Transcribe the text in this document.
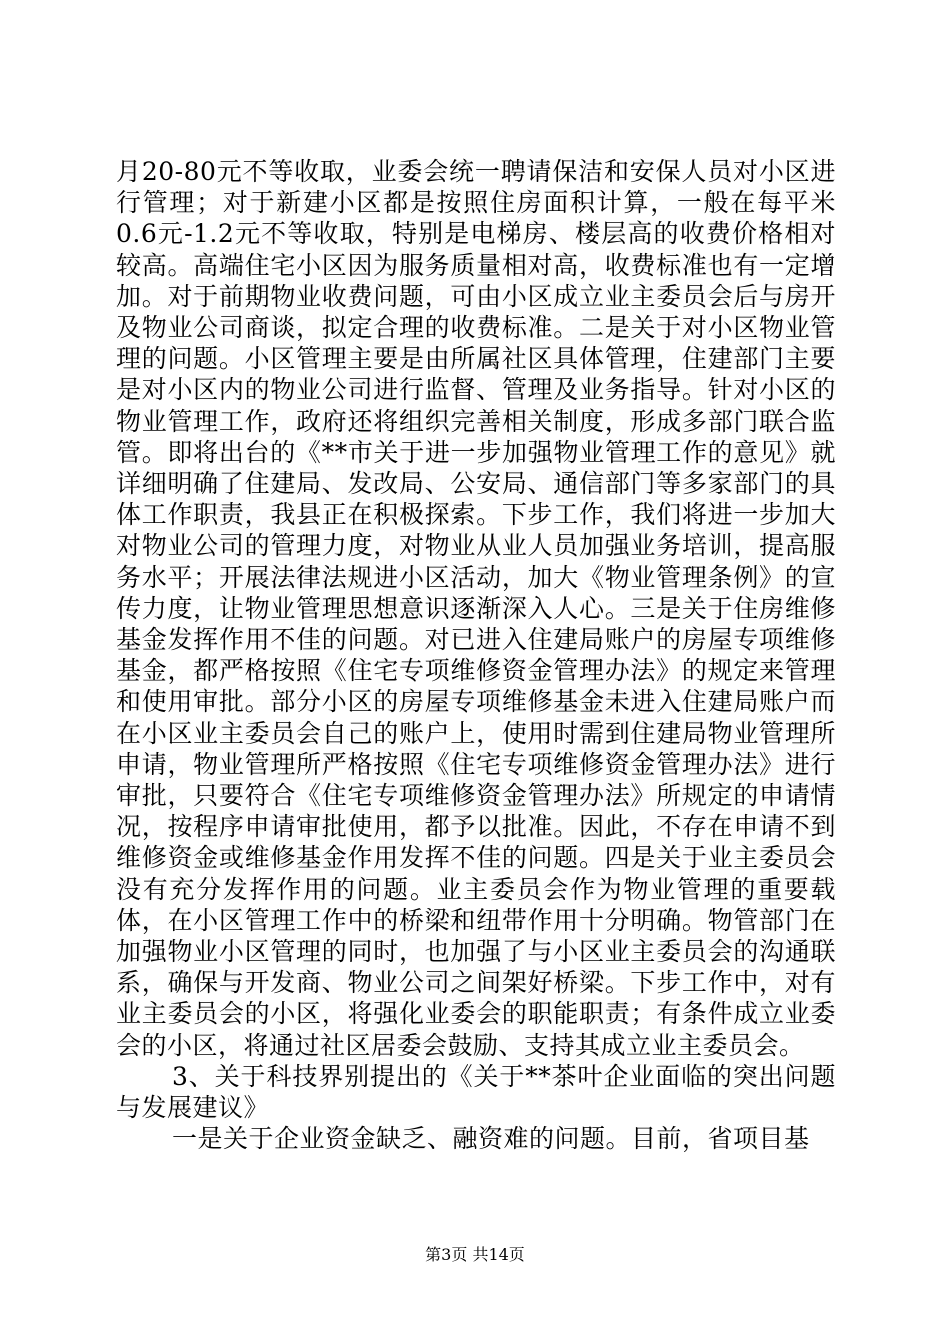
月20-80元不等收取，业委会统一聘请保洁和安保人员对小区进行管理；对于新建小区都是按照住房面积计算，一般在每平米0.6元-1.2元不等收取，特别是电梯房、楼层高的收费价格相对较高。高端住宅小区因为服务质量相对高，收费标准也有一定增加。对于前期物业收费问题，可由小区成立业主委员会后与房开及物业公司商谈，拟定合理的收费标准。二是关于对小区物业管理的问题。小区管理主要是由所属社区具体管理，住建部门主要是对小区内的物业公司进行监督、管理及业务指导。针对小区的物业管理工作，政府还将组织完善相关制度，形成多部门联合监管。即将出台的《**市关于进一步加强物业管理工作的意见》就详细明确了住建局、发改局、公安局、通信部门等多家部门的具体工作职责，我县正在积极探索。下步工作，我们将进一步加大对物业公司的管理力度，对物业从业人员加强业务培训，提高服务水平；开展法律法规进小区活动，加大《物业管理条例》的宣传力度，让物业管理思想意识逐渐深入人心。三是关于住房维修基金发挥作用不佳的问题。对已进入住建局账户的房屋专项维修基金，都严格按照《住宅专项维修资金管理办法》的规定来管理和使用审批。部分小区的房屋专项维修基金未进入住建局账户而在小区业主委员会自己的账户上，使用时需到住建局物业管理所申请，物业管理所严格按照《住宅专项维修资金管理办法》进行审批，只要符合《住宅专项维修资金管理办法》所规定的申请情况，按程序申请审批使用，都予以批准。因此，不存在申请不到维修资金或维修基金作用发挥不佳的问题。四是关于业主委员会没有充分发挥作用的问题。业主委员会作为物业管理的重要载体，在小区管理工作中的桥梁和纽带作用十分明确。物管部门在加强物业小区管理的同时，也加强了与小区业主委员会的沟通联系，确保与开发商、物业公司之间架好桥梁。下步工作中，对有业主委员会的小区，将强化业委会的职能职责；有条件成立业委会的小区，将通过社区居委会鼓励、支持其成立业主委员会。

3、关于科技界别提出的《关于**茶叶企业面临的突出问题与发展建议》

一是关于企业资金缺乏、融资难的问题。目前，省项目基

第3页 共14页
